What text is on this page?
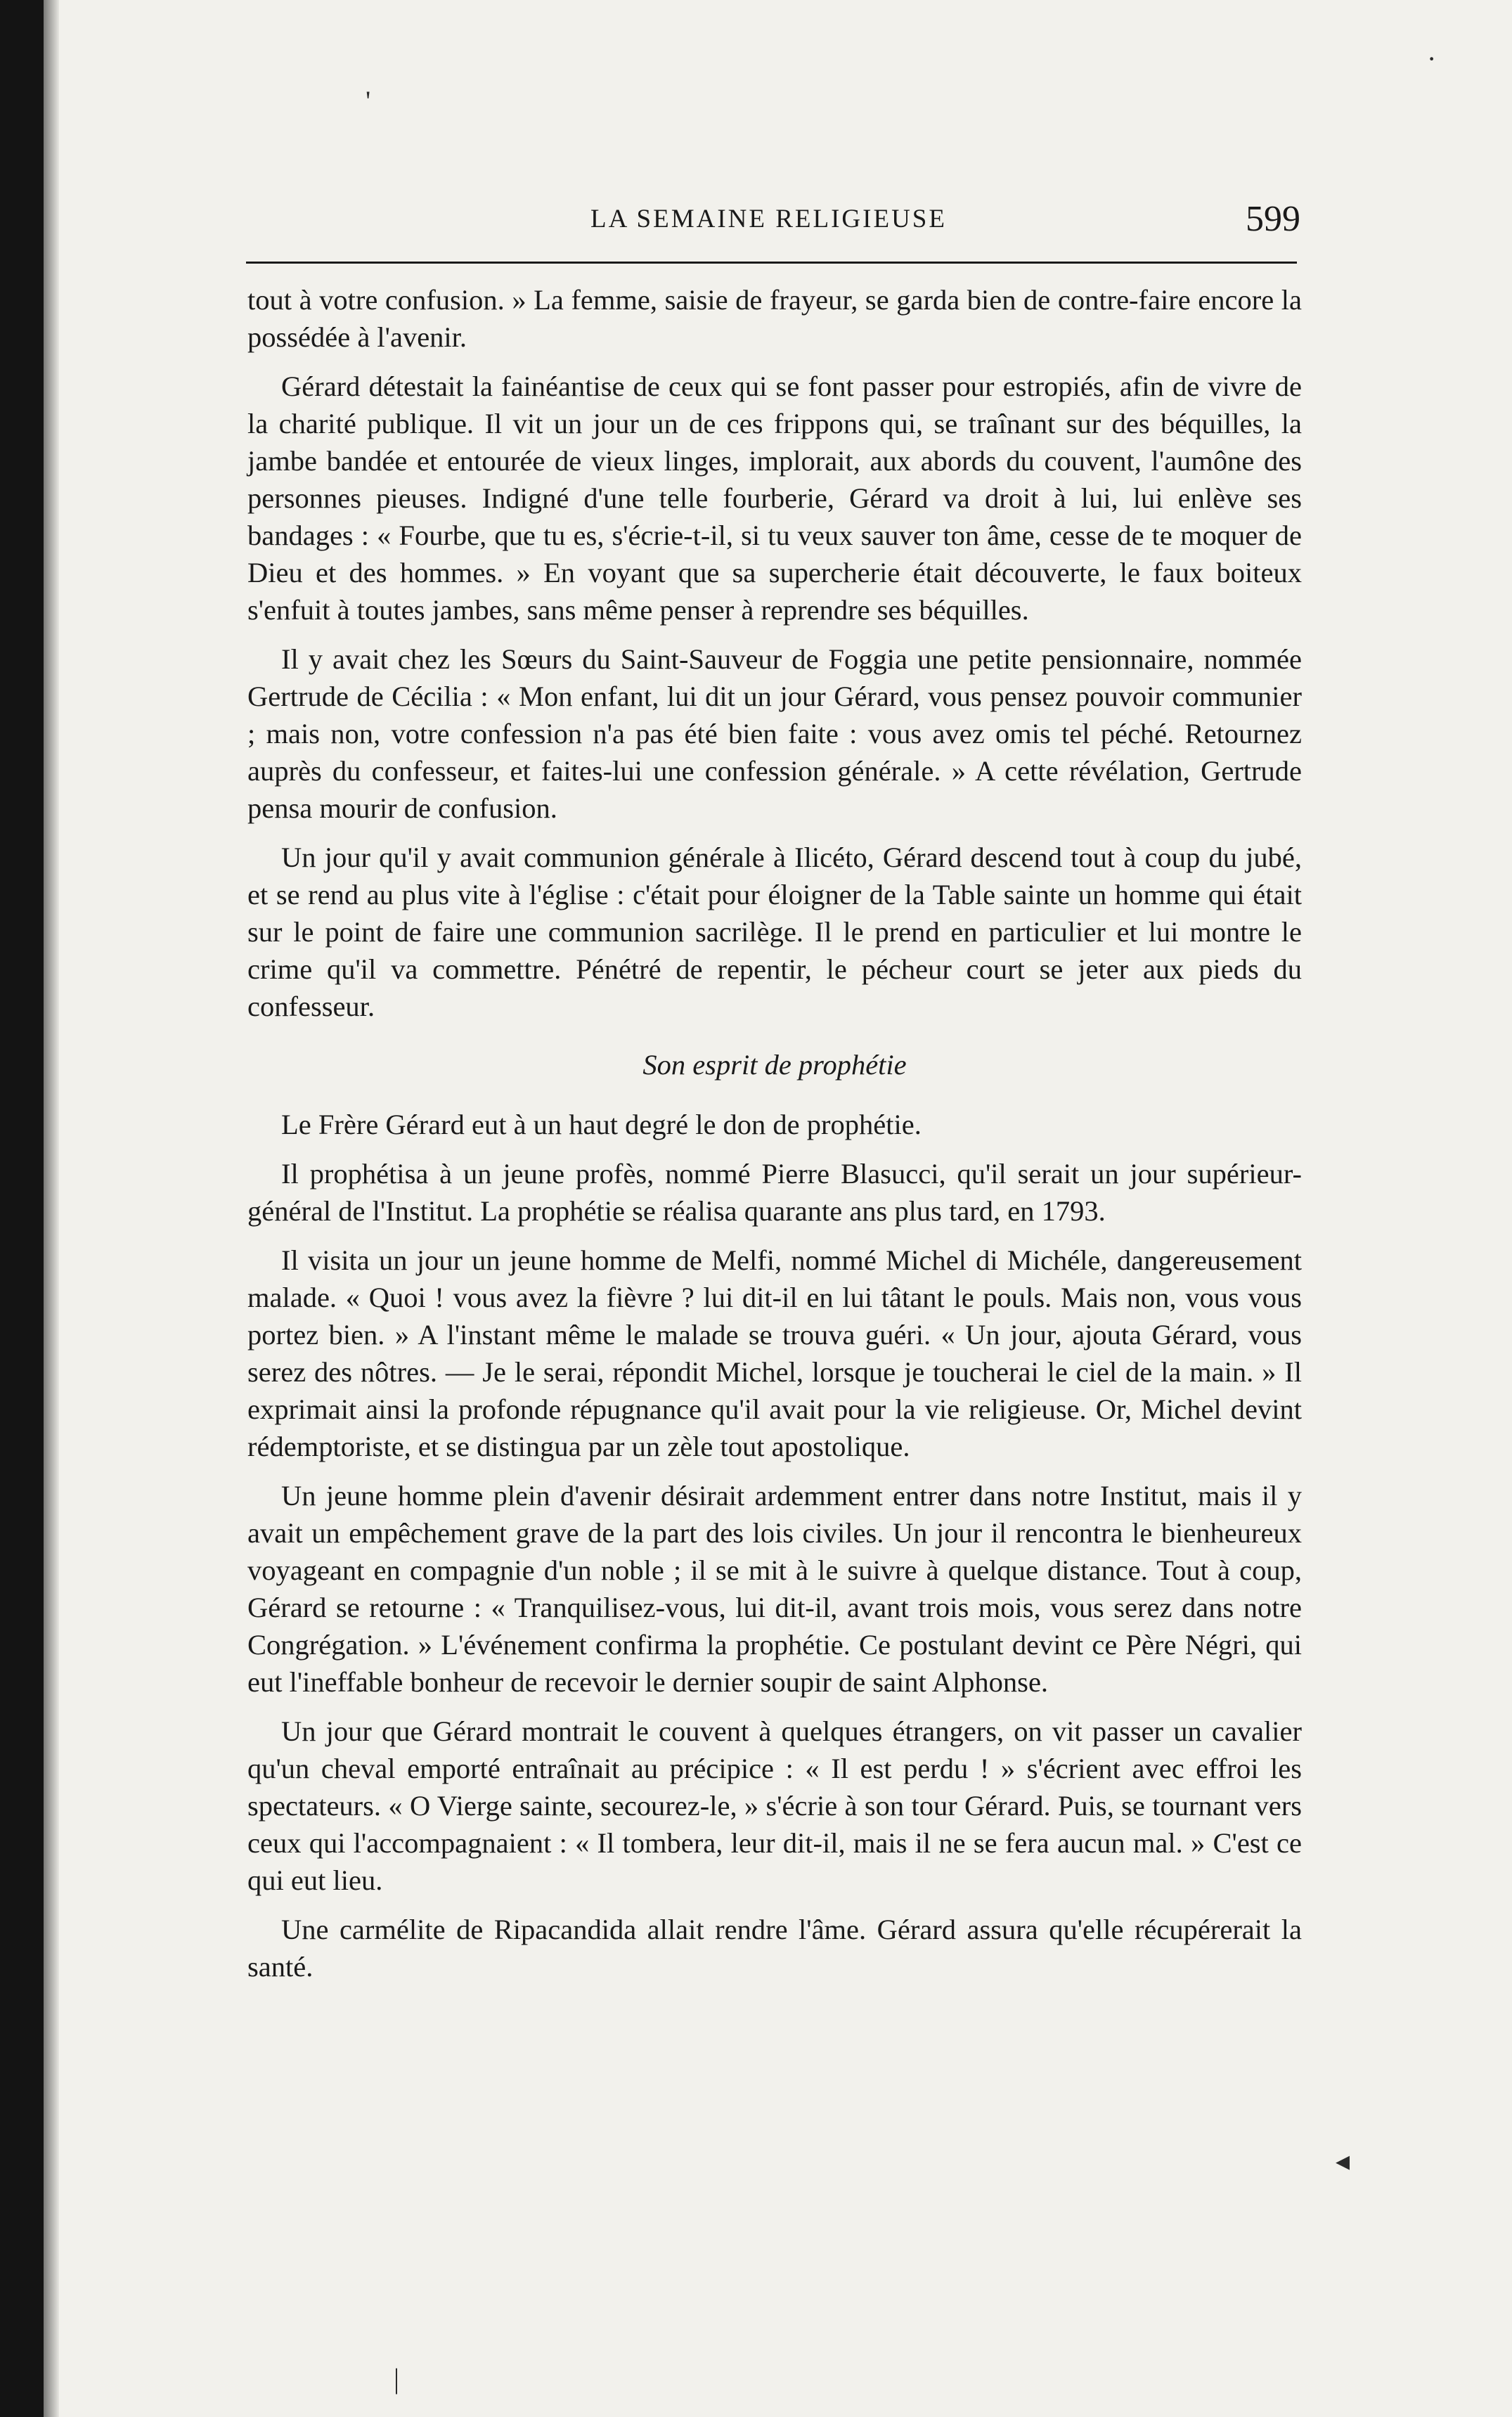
LA SEMAINE RELIGIEUSE	599

tout à votre confusion. » La femme, saisie de frayeur, se garda bien de contre-faire encore la possédée à l'avenir.

Gérard détestait la fainéantise de ceux qui se font passer pour estropiés, afin de vivre de la charité publique. Il vit un jour un de ces frippons qui, se traînant sur des béquilles, la jambe bandée et entourée de vieux linges, implorait, aux abords du couvent, l'aumône des personnes pieuses. Indigné d'une telle fourberie, Gérard va droit à lui, lui enlève ses bandages : « Fourbe, que tu es, s'écrie-t-il, si tu veux sauver ton âme, cesse de te moquer de Dieu et des hommes. » En voyant que sa supercherie était découverte, le faux boiteux s'enfuit à toutes jambes, sans même penser à reprendre ses béquilles.

Il y avait chez les Sœurs du Saint-Sauveur de Foggia une petite pensionnaire, nommée Gertrude de Cécilia : « Mon enfant, lui dit un jour Gérard, vous pensez pouvoir communier ; mais non, votre confession n'a pas été bien faite : vous avez omis tel péché. Retournez auprès du confesseur, et faites-lui une confession générale. » A cette révélation, Gertrude pensa mourir de confusion.

Un jour qu'il y avait communion générale à Ilicéto, Gérard descend tout à coup du jubé, et se rend au plus vite à l'église : c'était pour éloigner de la Table sainte un homme qui était sur le point de faire une communion sacrilège. Il le prend en particulier et lui montre le crime qu'il va commettre. Pénétré de repentir, le pécheur court se jeter aux pieds du confesseur.

Son esprit de prophétie

Le Frère Gérard eut à un haut degré le don de prophétie.

Il prophétisa à un jeune profès, nommé Pierre Blasucci, qu'il serait un jour supérieur-général de l'Institut. La prophétie se réalisa quarante ans plus tard, en 1793.

Il visita un jour un jeune homme de Melfi, nommé Michel di Michéle, dangereusement malade. « Quoi ! vous avez la fièvre ? lui dit-il en lui tâtant le pouls. Mais non, vous vous portez bien. » A l'instant même le malade se trouva guéri. « Un jour, ajouta Gérard, vous serez des nôtres. — Je le serai, répondit Michel, lorsque je toucherai le ciel de la main. » Il exprimait ainsi la profonde répugnance qu'il avait pour la vie religieuse. Or, Michel devint rédemptoriste, et se distingua par un zèle tout apostolique.

Un jeune homme plein d'avenir désirait ardemment entrer dans notre Institut, mais il y avait un empêchement grave de la part des lois civiles. Un jour il rencontra le bienheureux voyageant en compagnie d'un noble ; il se mit à le suivre à quelque distance. Tout à coup, Gérard se retourne : « Tranquilisez-vous, lui dit-il, avant trois mois, vous serez dans notre Congrégation. » L'événement confirma la prophétie. Ce postulant devint ce Père Négri, qui eut l'ineffable bonheur de recevoir le dernier soupir de saint Alphonse.

Un jour que Gérard montrait le couvent à quelques étrangers, on vit passer un cavalier qu'un cheval emporté entraînait au précipice : « Il est perdu ! » s'écrient avec effroi les spectateurs. « O Vierge sainte, secourez-le, » s'écrie à son tour Gérard. Puis, se tournant vers ceux qui l'accompagnaient : « Il tombera, leur dit-il, mais il ne se fera aucun mal. » C'est ce qui eut lieu.

Une carmélite de Ripacandida allait rendre l'âme. Gérard assura qu'elle récupérerait la santé.

'
·
◂
|
